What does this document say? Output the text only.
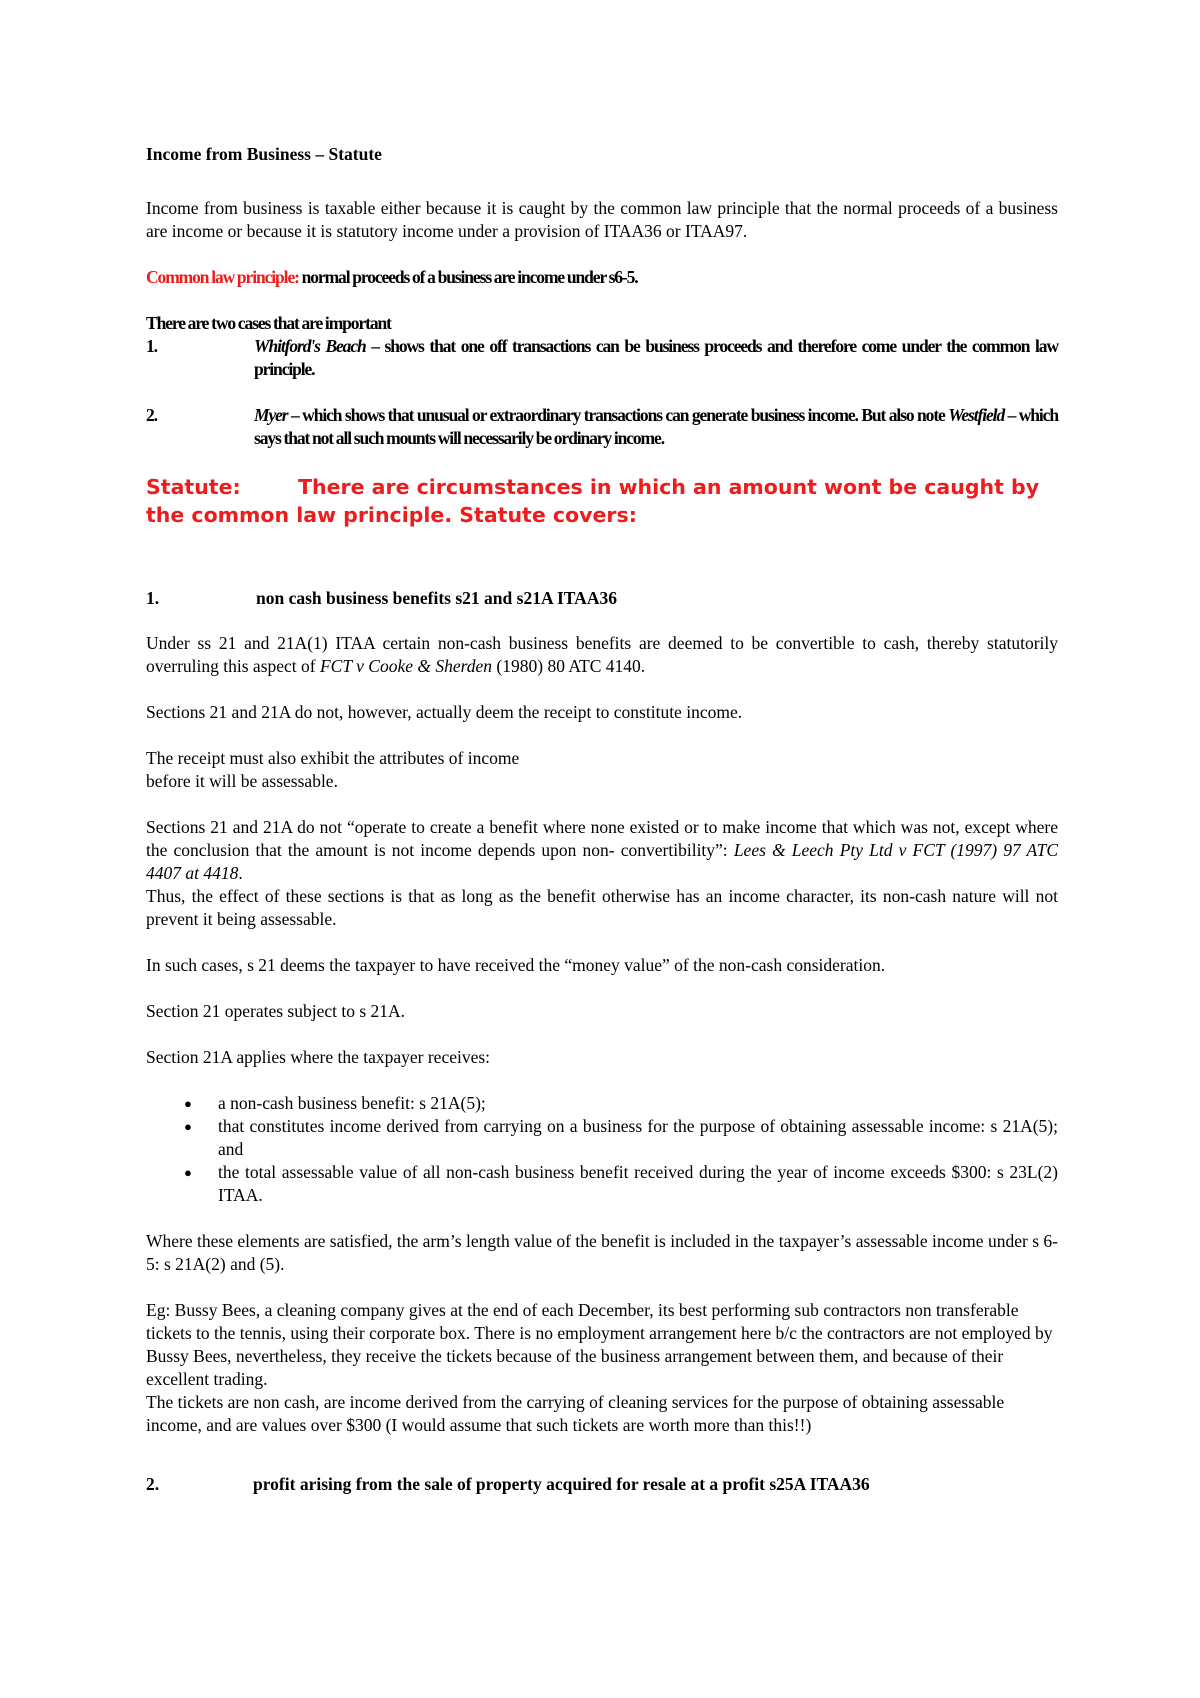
Income from Business – Statute

Income from business is taxable either because it is caught by the common law principle that the normal proceeds of a business are income or because it is statutory income under a provision of ITAA36 or ITAA97.

Common law principle: normal proceeds of a business are income under s6-5.

There are two cases that are important

1.	Whitford's Beach – shows that one off transactions can be business proceeds and therefore come under the common law principle.
2.	Myer – which shows that unusual or extraordinary transactions can generate business income. But also note Westfield – which says that not all such mounts will necessarily be ordinary income.

Statute:	There are circumstances in which an amount wont be caught by the common law principle. Statute covers:

1.	non cash business benefits s21 and s21A ITAA36

Under ss 21 and 21A(1) ITAA certain non-cash business benefits are deemed to be convertible to cash, thereby statutorily overruling this aspect of FCT v Cooke & Sherden (1980) 80 ATC 4140.

Sections 21 and 21A do not, however, actually deem the receipt to constitute income.

The receipt must also exhibit the attributes of income

before it will be assessable.

Sections 21 and 21A do not “operate to create a benefit where none existed or to make income that which was not, except where the conclusion that the amount is not income depends upon non- convertibility”: Lees & Leech Pty Ltd v FCT (1997) 97 ATC 4407 at 4418.

Thus, the effect of these sections is that as long as the benefit otherwise has an income character, its non-cash nature will not prevent it being assessable.

In such cases, s 21 deems the taxpayer to have received the “money value” of the non-cash consideration.

Section 21 operates subject to s 21A.

Section 21A applies where the taxpayer receives:

●	a non-cash business benefit: s 21A(5);
●	that constitutes income derived from carrying on a business for the purpose of obtaining assessable income: s 21A(5); and
●	the total assessable value of all non-cash business benefit received during the year of income exceeds $300: s 23L(2) ITAA.

Where these elements are satisfied, the arm’s length value of the benefit is included in the taxpayer’s assessable income under s 6-5: s 21A(2) and (5).

Eg: Bussy Bees, a cleaning company gives at the end of each December, its best performing sub contractors non transferable tickets to the tennis, using their corporate box. There is no employment arrangement here b/c the contractors are not employed by Bussy Bees, nevertheless, they receive the tickets because of the business arrangement between them, and because of their excellent trading.

The tickets are non cash, are income derived from the carrying of cleaning services for the purpose of obtaining assessable income, and are values over $300 (I would assume that such tickets are worth more than this!!)

2.	profit arising from the sale of property acquired for resale at a profit s25A ITAA36
